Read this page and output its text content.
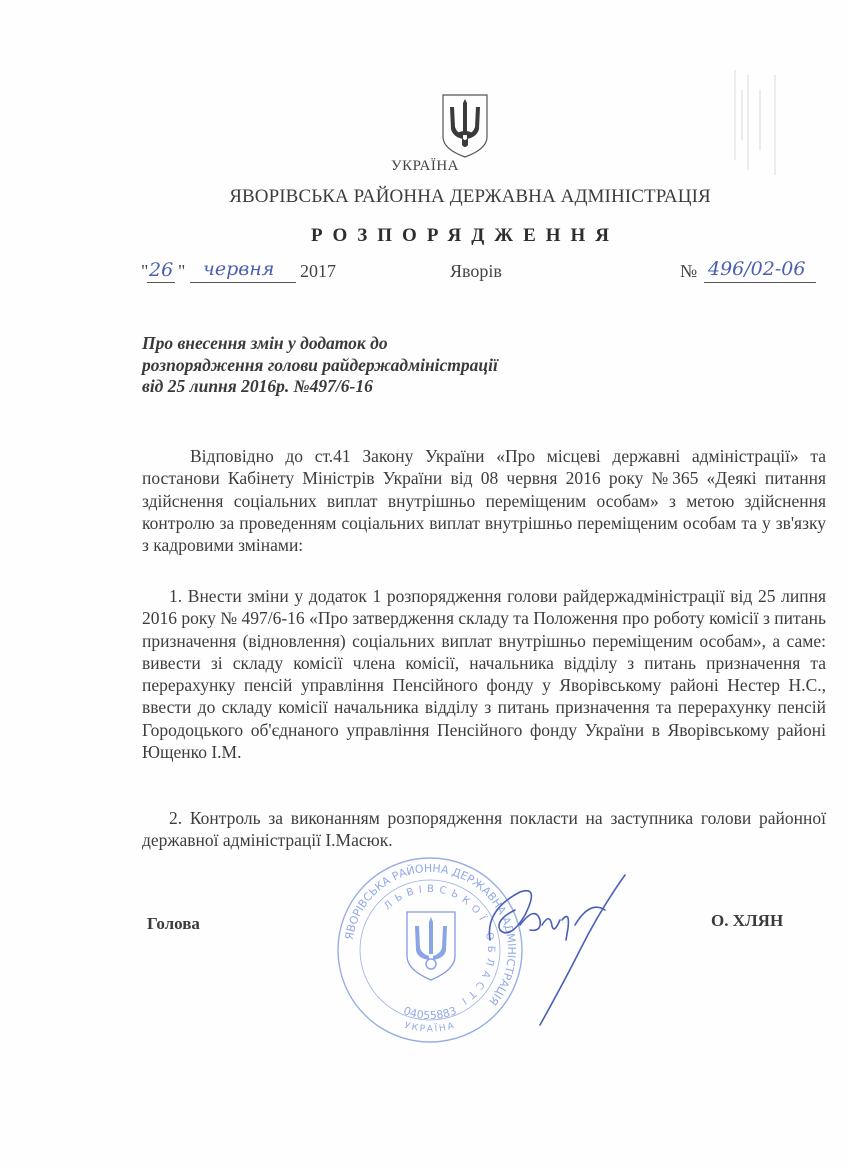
УКРАЇНА
ЯВОРІВСЬКА РАЙОННА ДЕРЖАВНА АДМІНІСТРАЦІЯ
РОЗПОРЯДЖЕННЯ
" 26 " червня 2017	Яворів	№ 496/02-06
Про внесення змін у додаток до
розпорядження голови райдержадміністрації
від 25 липня 2016р. №497/6-16
Відповідно до ст.41 Закону України «Про місцеві державні адміністрації» та постанови Кабінету Міністрів України від 08 червня 2016 року №365 «Деякі питання здійснення соціальних виплат внутрішньо переміщеним особам» з метою здійснення контролю за проведенням соціальних виплат внутрішньо переміщеним особам та у зв'язку з кадровими змінами:
1. Внести зміни у додаток 1 розпорядження голови райдержадміністрації від 25 липня 2016 року № 497/6-16 «Про затвердження складу та Положення про роботу комісії з питань призначення (відновлення) соціальних виплат внутрішньо переміщеним особам», а саме: вивести зі складу комісії члена комісії, начальника відділу з питань призначення та перерахунку пенсій управління Пенсійного фонду у Яворівському районі Нестер Н.С., ввести до складу комісії начальника відділу з питань призначення та перерахунку пенсій Городоцького об'єднаного управління Пенсійного фонду України в Яворівському районі Ющенко І.М.
2. Контроль за виконанням розпорядження покласти на заступника голови районної державної адміністрації І.Масюк.
Голова	О. ХЛЯН
ЯВОРІВСЬКА РАЙОННА ДЕРЖАВНА АДМІНІСТРАЦІЯ
ЛЬВІВСЬКОЇ ОБЛАСТІ
04055883
УКРАЇНА
